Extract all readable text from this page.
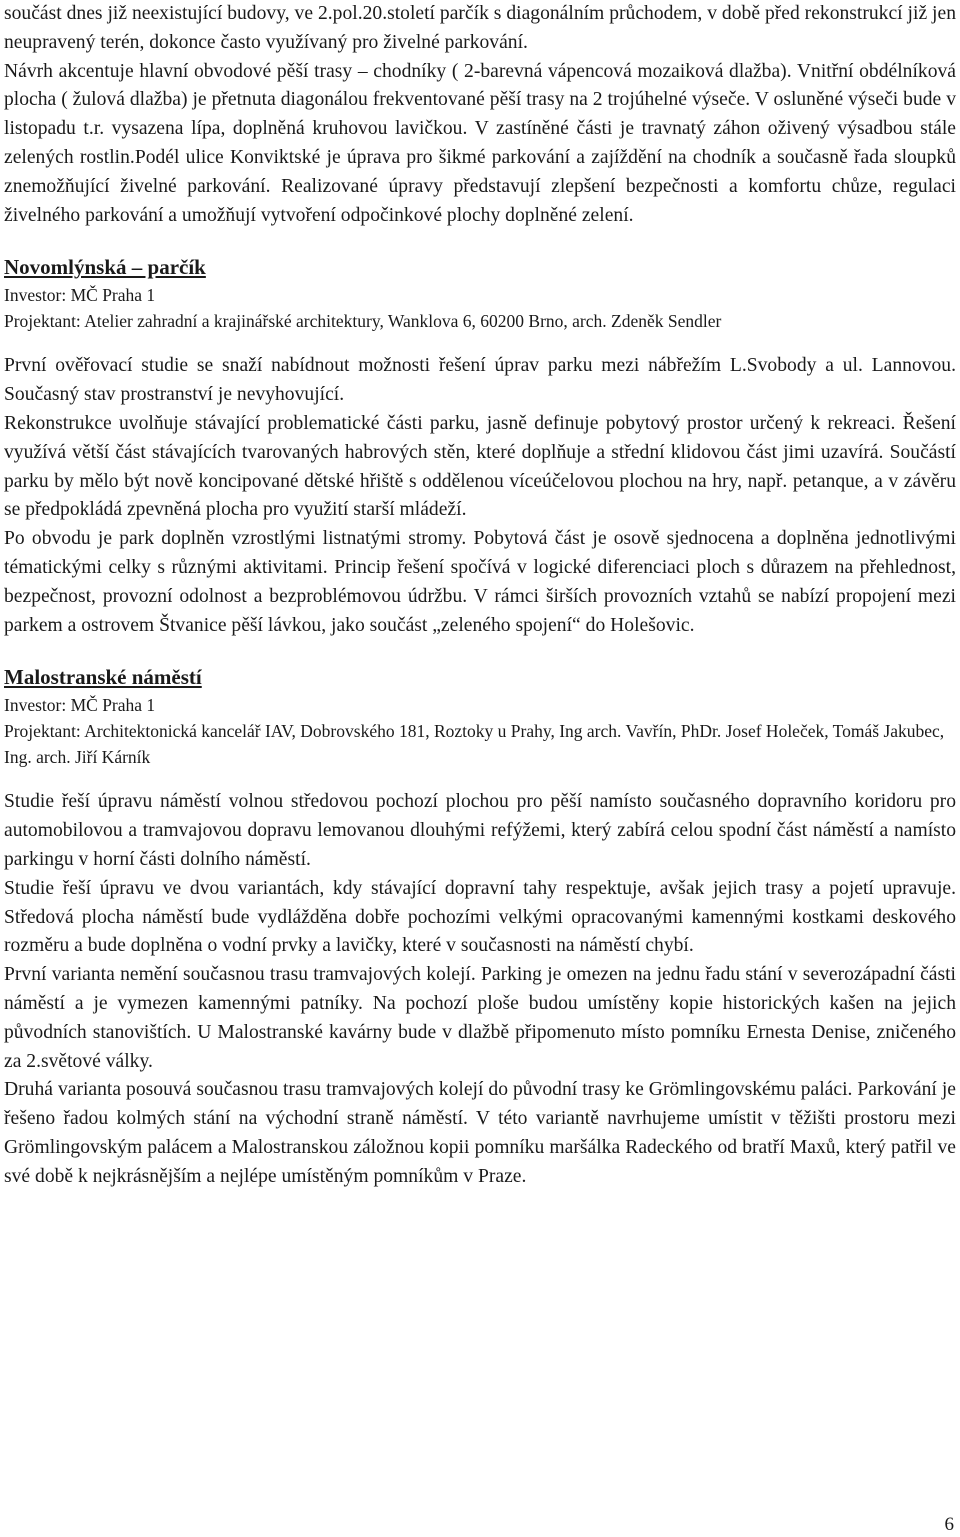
součást dnes již neexistující budovy, ve 2.pol.20.století parčík s diagonálním průchodem, v době před rekonstrukcí již jen neupravený terén, dokonce často využívaný pro živelné parkování.

Návrh akcentuje hlavní obvodové pěší trasy – chodníky ( 2-barevná vápencová mozaiková dlažba). Vnitřní obdélníková plocha ( žulová dlažba) je přetnuta diagonálou frekventované pěší trasy na 2 trojúhelné výseče. V osluněné výseči bude v listopadu t.r. vysazena lípa, doplněná kruhovou lavičkou. V zastíněné části je travnatý záhon oživený výsadbou stále zelených rostlin.Podél ulice Konviktské je úprava pro šikmé parkování a zajíždění na chodník a současně řada sloupků znemožňující živelné parkování. Realizované úpravy představují zlepšení bezpečnosti a komfortu chůze, regulaci živelného parkování a umožňují vytvoření odpočinkové plochy doplněné zelení.

Novomlýnská – parčík

Investor: MČ Praha 1

Projektant: Atelier zahradní a krajinářské architektury, Wanklova 6, 60200 Brno, arch. Zdeněk Sendler

První ověřovací studie se snaží nabídnout možnosti řešení úprav parku mezi nábřežím L.Svobody a ul. Lannovou. Současný stav prostranství je nevyhovující.

Rekonstrukce uvolňuje stávající problematické části parku, jasně definuje pobytový prostor určený k rekreaci. Řešení využívá větší část stávajících tvarovaných habrových stěn, které doplňuje a střední klidovou část jimi uzavírá. Součástí parku by mělo být nově koncipované dětské hřiště s oddělenou víceúčelovou plochou na hry, např. petanque, a v závěru se předpokládá zpevněná plocha pro využití starší mládeží.

Po obvodu je park doplněn vzrostlými listnatými stromy. Pobytová část je osově sjednocena a doplněna jednotlivými tématickými celky s různými aktivitami. Princip řešení spočívá v logické diferenciaci ploch s důrazem na přehlednost, bezpečnost, provozní odolnost a bezproblémovou údržbu. V rámci širších provozních vztahů se nabízí propojení mezi parkem a ostrovem Štvanice pěší lávkou, jako součást „zeleného spojení“ do Holešovic.

Malostranské náměstí

Investor: MČ Praha 1

Projektant: Architektonická kancelář IAV, Dobrovského 181, Roztoky u Prahy, Ing arch. Vavřín, PhDr. Josef Holeček, Tomáš Jakubec, Ing. arch. Jiří Kárník

Studie řeší úpravu náměstí volnou středovou pochozí plochou pro pěší namísto současného dopravního koridoru pro automobilovou a tramvajovou dopravu lemovanou dlouhými refýžemi, který zabírá celou spodní část náměstí a namísto parkingu v horní části dolního náměstí.

Studie řeší úpravu ve dvou variantách, kdy stávající dopravní tahy respektuje, avšak jejich trasy a pojetí upravuje. Středová plocha náměstí bude vydlážděna dobře pochozími velkými opracovanými kamennými kostkami deskového rozměru a bude doplněna o vodní prvky a lavičky, které v současnosti na náměstí chybí.

První varianta nemění současnou trasu tramvajových kolejí. Parking je omezen na jednu řadu stání v severozápadní části náměstí a je vymezen kamennými patníky. Na pochozí ploše budou umístěny kopie historických kašen na jejich původních stanovištích. U Malostranské kavárny bude v dlažbě připomenuto místo pomníku Ernesta Denise, zničeného za 2.světové války.

Druhá varianta posouvá současnou trasu tramvajových kolejí do původní trasy ke Grömlingovskému paláci. Parkování je řešeno řadou kolmých stání na východní straně náměstí. V této variantě navrhujeme umístit v těžišti prostoru mezi Grömlingovským palácem a Malostranskou záložnou kopii pomníku maršálka Radeckého od bratří Maxů, který patřil ve své době k nejkrásnějším a nejlépe umístěným pomníkům v Praze.

6
